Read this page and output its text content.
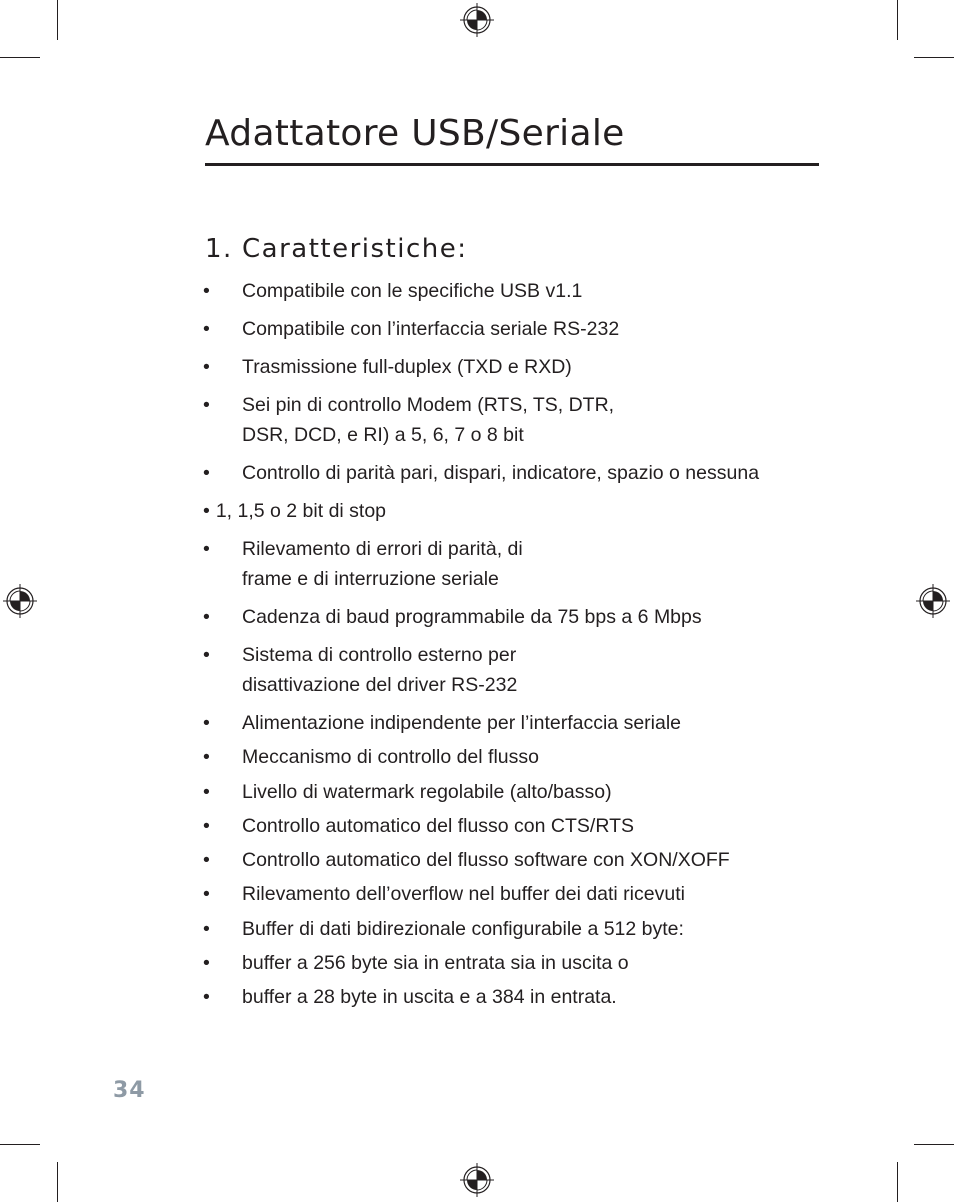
Adattatore USB/Seriale
1. Caratteristiche:
• Compatibile con le specifiche USB v1.1
• Compatibile con l’interfaccia seriale RS-232
• Trasmissione full-duplex (TXD e RXD)
• Sei pin di controllo Modem (RTS, TS, DTR,
DSR, DCD, e RI) a 5, 6, 7 o 8 bit
• Controllo di parità pari, dispari, indicatore, spazio o nessuna
• 1, 1,5 o 2 bit di stop
• Rilevamento di errori di parità, di
frame e di interruzione seriale
• Cadenza di baud programmabile da 75 bps a 6 Mbps
• Sistema di controllo esterno per
disattivazione del driver RS-232
• Alimentazione indipendente per l’interfaccia seriale
• Meccanismo di controllo del flusso
• Livello di watermark regolabile (alto/basso)
• Controllo automatico del flusso con CTS/RTS
• Controllo automatico del flusso software con XON/XOFF
• Rilevamento dell’overflow nel buffer dei dati ricevuti
• Buffer di dati bidirezionale configurabile a 512 byte:
• buffer a 256 byte sia in entrata sia in uscita o
• buffer a 28 byte in uscita e a 384 in entrata.
34
